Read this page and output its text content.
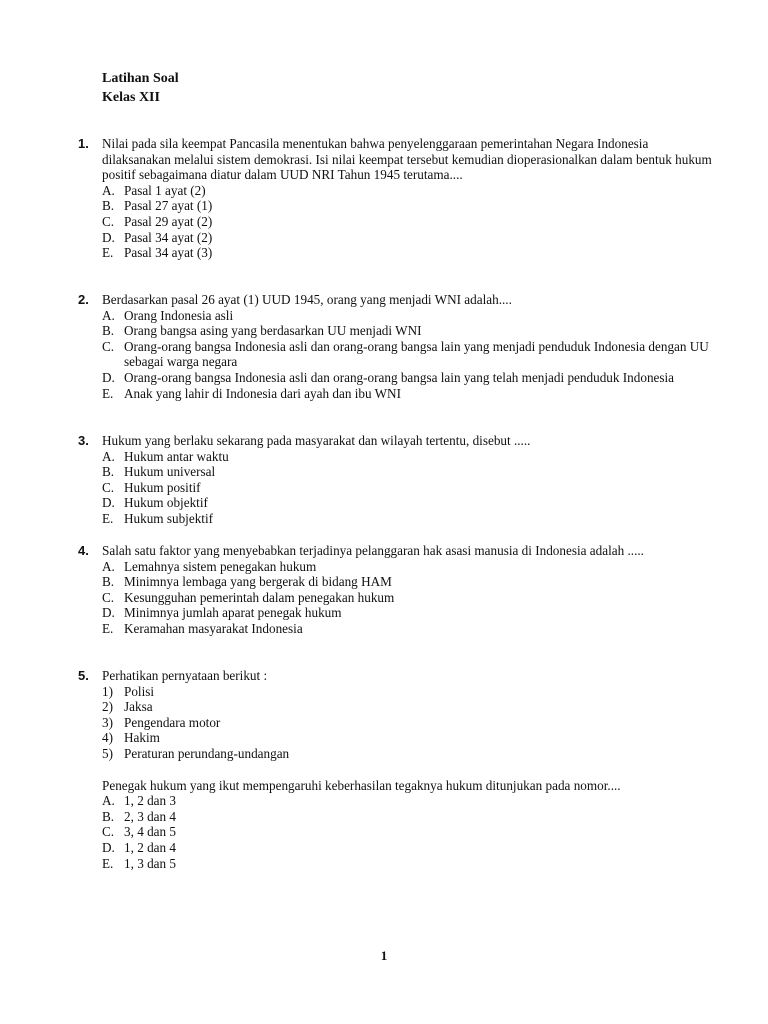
Latihan Soal
Kelas XII
1. Nilai pada sila keempat Pancasila menentukan bahwa penyelenggaraan pemerintahan Negara Indonesia dilaksanakan melalui sistem demokrasi. Isi nilai keempat tersebut kemudian dioperasionalkan dalam bentuk hukum positif sebagaimana diatur dalam UUD NRI Tahun 1945 terutama....
A. Pasal 1 ayat (2)
B. Pasal 27 ayat (1)
C. Pasal 29 ayat (2)
D. Pasal 34 ayat (2)
E. Pasal 34 ayat (3)
2. Berdasarkan pasal 26 ayat (1) UUD 1945, orang yang menjadi WNI adalah....
A. Orang Indonesia asli
B. Orang bangsa asing yang berdasarkan UU menjadi WNI
C. Orang-orang bangsa Indonesia asli dan orang-orang bangsa lain yang menjadi penduduk Indonesia dengan UU sebagai warga negara
D. Orang-orang bangsa Indonesia asli dan orang-orang bangsa lain yang telah menjadi penduduk Indonesia
E. Anak yang lahir di Indonesia dari ayah dan ibu WNI
3. Hukum yang berlaku sekarang pada masyarakat dan wilayah tertentu, disebut .....
A. Hukum antar waktu
B. Hukum universal
C. Hukum positif
D. Hukum objektif
E. Hukum subjektif
4. Salah satu faktor yang menyebabkan terjadinya pelanggaran hak asasi manusia di Indonesia adalah .....
A. Lemahnya sistem penegakan hukum
B. Minimnya lembaga yang bergerak di bidang HAM
C. Kesungguhan pemerintah dalam penegakan hukum
D. Minimnya jumlah aparat penegak hukum
E. Keramahan masyarakat Indonesia
5. Perhatikan pernyataan berikut :
1) Polisi
2) Jaksa
3) Pengendara motor
4) Hakim
5) Peraturan perundang-undangan
Penegak hukum yang ikut mempengaruhi keberhasilan tegaknya hukum ditunjukan pada nomor....
A. 1, 2 dan 3
B. 2, 3 dan 4
C. 3, 4 dan 5
D. 1, 2 dan 4
E. 1, 3 dan 5
1
